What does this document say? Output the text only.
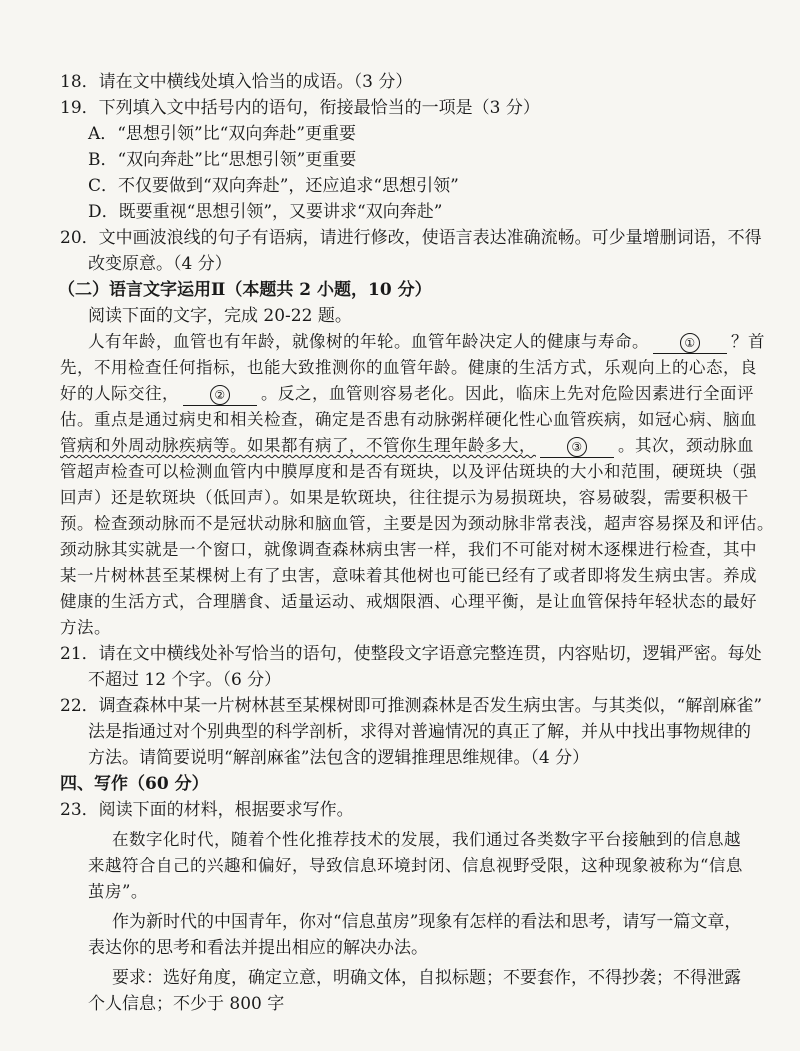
18．请在文中横线处填入恰当的成语。（3 分）
19．下列填入文中括号内的语句，衔接最恰当的一项是（3 分）
A．“思想引领”比“双向奔赴”更重要
B．“双向奔赴”比“思想引领”更重要
C．不仅要做到“双向奔赴”，还应追求“思想引领”
D．既要重视“思想引领”，又要讲求“双向奔赴”
20．文中画波浪线的句子有语病，请进行修改，使语言表达准确流畅。可少量增删词语，不得
改变原意。（4 分）
（二）语言文字运用Ⅱ（本题共 2 小题，10 分）
阅读下面的文字，完成 20-22 题。
人有年龄，血管也有年龄，就像树的年轮。血管年龄决定人的健康与寿命。	① ？首
先，不用检查任何指标，也能大致推测你的血管年龄。健康的生活方式，乐观向上的心态，良
好的人际交往，	② 。反之，血管则容易老化。因此，临床上先对危险因素进行全面评
估。重点是通过病史和相关检查，确定是否患有动脉粥样硬化性心血管疾病，如冠心病、脑血
管病和外周动脉疾病等。如果都有病了，不管你生理年龄多大，	③ 。其次，颈动脉血
管超声检查可以检测血管内中膜厚度和是否有斑块，以及评估斑块的大小和范围，硬斑块（强
回声）还是软斑块（低回声）。如果是软斑块，往往提示为易损斑块，容易破裂，需要积极干
预。检查颈动脉而不是冠状动脉和脑血管，主要是因为颈动脉非常表浅，超声容易探及和评估。
颈动脉其实就是一个窗口，就像调查森林病虫害一样，我们不可能对树木逐棵进行检查，其中
某一片树林甚至某棵树上有了虫害，意味着其他树也可能已经有了或者即将发生病虫害。养成
健康的生活方式，合理膳食、适量运动、戒烟限酒、心理平衡，是让血管保持年轻状态的最好
方法。
21．请在文中横线处补写恰当的语句，使整段文字语意完整连贯，内容贴切，逻辑严密。每处
不超过 12 个字。（6 分）
22．调查森林中某一片树林甚至某棵树即可推测森林是否发生病虫害。与其类似，“解剖麻雀”
法是指通过对个别典型的科学剖析，求得对普遍情况的真正了解，并从中找出事物规律的
方法。请简要说明“解剖麻雀”法包含的逻辑推理思维规律。（4 分）
四、写作（60 分）
23．阅读下面的材料，根据要求写作。
在数字化时代，随着个性化推荐技术的发展，我们通过各类数字平台接触到的信息越
来越符合自己的兴趣和偏好，导致信息环境封闭、信息视野受限，这种现象被称为“信息
茧房”。
作为新时代的中国青年，你对“信息茧房”现象有怎样的看法和思考，请写一篇文章，
表达你的思考和看法并提出相应的解决办法。
要求：选好角度，确定立意，明确文体，自拟标题；不要套作，不得抄袭；不得泄露
个人信息；不少于 800 字
